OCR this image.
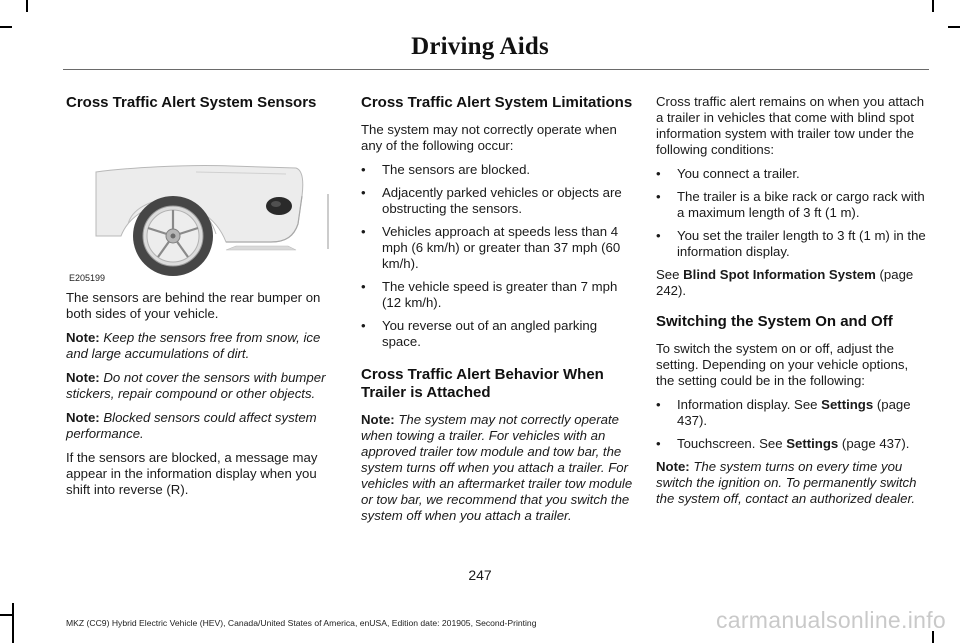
Driving Aids
Cross Traffic Alert System Sensors
E205199

The sensors are behind the rear bumper on both sides of your vehicle.

Note: Keep the sensors free from snow, ice and large accumulations of dirt.

Note: Do not cover the sensors with bumper stickers, repair compound or other objects.

Note: Blocked sensors could affect system performance.

If the sensors are blocked, a message may appear in the information display when you shift into reverse (R).

Cross Traffic Alert System Limitations

The system may not correctly operate when any of the following occur:

• The sensors are blocked.
• Adjacently parked vehicles or objects are obstructing the sensors.
• Vehicles approach at speeds less than 4 mph (6 km/h) or greater than 37 mph (60 km/h).
• The vehicle speed is greater than 7 mph (12 km/h).
• You reverse out of an angled parking space.
Cross Traffic Alert Behavior When Trailer is Attached

Note: The system may not correctly operate when towing a trailer. For vehicles with an approved trailer tow module and tow bar, the system turns off when you attach a trailer. For vehicles with an aftermarket trailer tow module or tow bar, we recommend that you switch the system off when you attach a trailer.

Cross traffic alert remains on when you attach a trailer in vehicles that come with blind spot information system with trailer tow under the following conditions:

• You connect a trailer.
• The trailer is a bike rack or cargo rack with a maximum length of 3 ft (1 m).
• You set the trailer length to 3 ft (1 m) in the information display.

See Blind Spot Information System (page 242).

Switching the System On and Off

To switch the system on or off, adjust the setting. Depending on your vehicle options, the setting could be in the following:

• Information display. See Settings (page 437).
• Touchscreen. See Settings (page 437).

Note: The system turns on every time you switch the ignition on. To permanently switch the system off, contact an authorized dealer.

247
MKZ (CC9) Hybrid Electric Vehicle (HEV), Canada/United States of America, enUSA, Edition date: 201905, Second-Printing	carmanualsonline.info
